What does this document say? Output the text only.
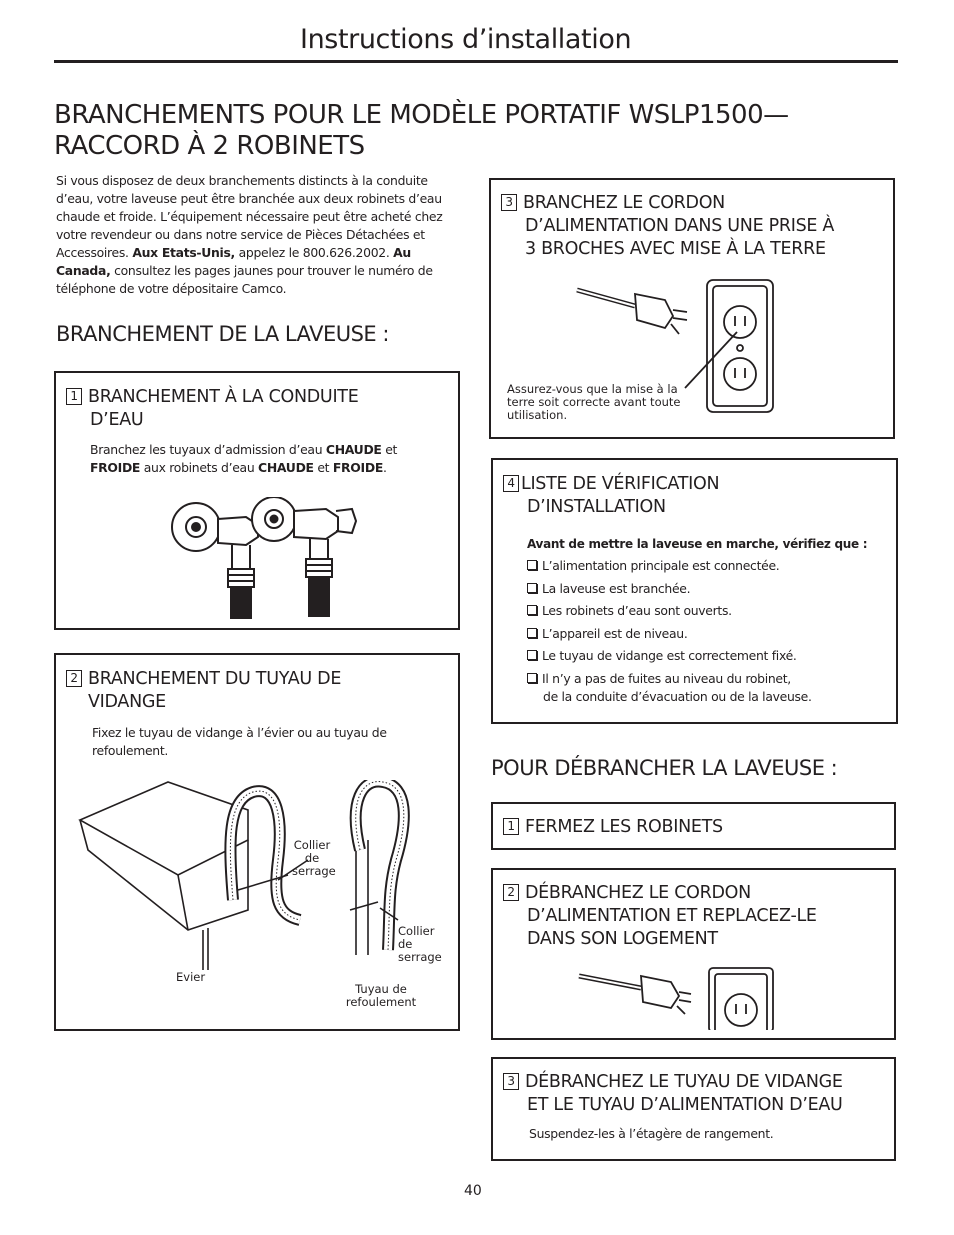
Instructions d’installation
BRANCHEMENTS POUR LE MODÈLE PORTATIF WSLP1500—
RACCORD À 2 ROBINETS
Si vous disposez de deux branchements distincts à la conduite d’eau, votre laveuse peut être branchée aux deux robinets d’eau chaude et froide. L’équipement nécessaire peut être acheté chez votre revendeur ou dans notre service de Pièces Détachées et Accessoires. Aux Etats-Unis, appelez le 800.626.2002. Au Canada, consultez les pages jaunes pour trouver le numéro de téléphone de votre dépositaire Camco.
BRANCHEMENT DE LA LAVEUSE :
1 BRANCHEMENT À LA CONDUITE
D’EAU
Branchez les tuyaux d’admission d’eau CHAUDE et
FROIDE aux robinets d’eau CHAUDE et FROIDE.
2 BRANCHEMENT DU TUYAU DE
VIDANGE
Fixez le tuyau de vidange à l’évier ou au tuyau de refoulement.
Collier de serrage
Collier de serrage
Evier
Tuyau de refoulement
3 BRANCHEZ LE CORDON
D’ALIMENTATION DANS UNE PRISE À
3 BROCHES AVEC MISE À LA TERRE
Assurez-vous que la mise à la terre soit correcte avant toute utilisation.
4 LISTE DE VÉRIFICATION
D’INSTALLATION
Avant de mettre la laveuse en marche, vérifiez que :
L’alimentation principale est connectée.
La laveuse est branchée.
Les robinets d’eau sont ouverts.
L’appareil est de niveau.
Le tuyau de vidange est correctement fixé.
Il n’y a pas de fuites au niveau du robinet,
de la conduite d’évacuation ou de la laveuse.
POUR DÉBRANCHER LA LAVEUSE :
1 FERMEZ LES ROBINETS
2 DÉBRANCHEZ LE CORDON
D’ALIMENTATION ET REPLACEZ-LE
DANS SON LOGEMENT
3 DÉBRANCHEZ LE TUYAU DE VIDANGE
ET LE TUYAU D’ALIMENTATION D’EAU
Suspendez-les à l’étagère de rangement.
40
